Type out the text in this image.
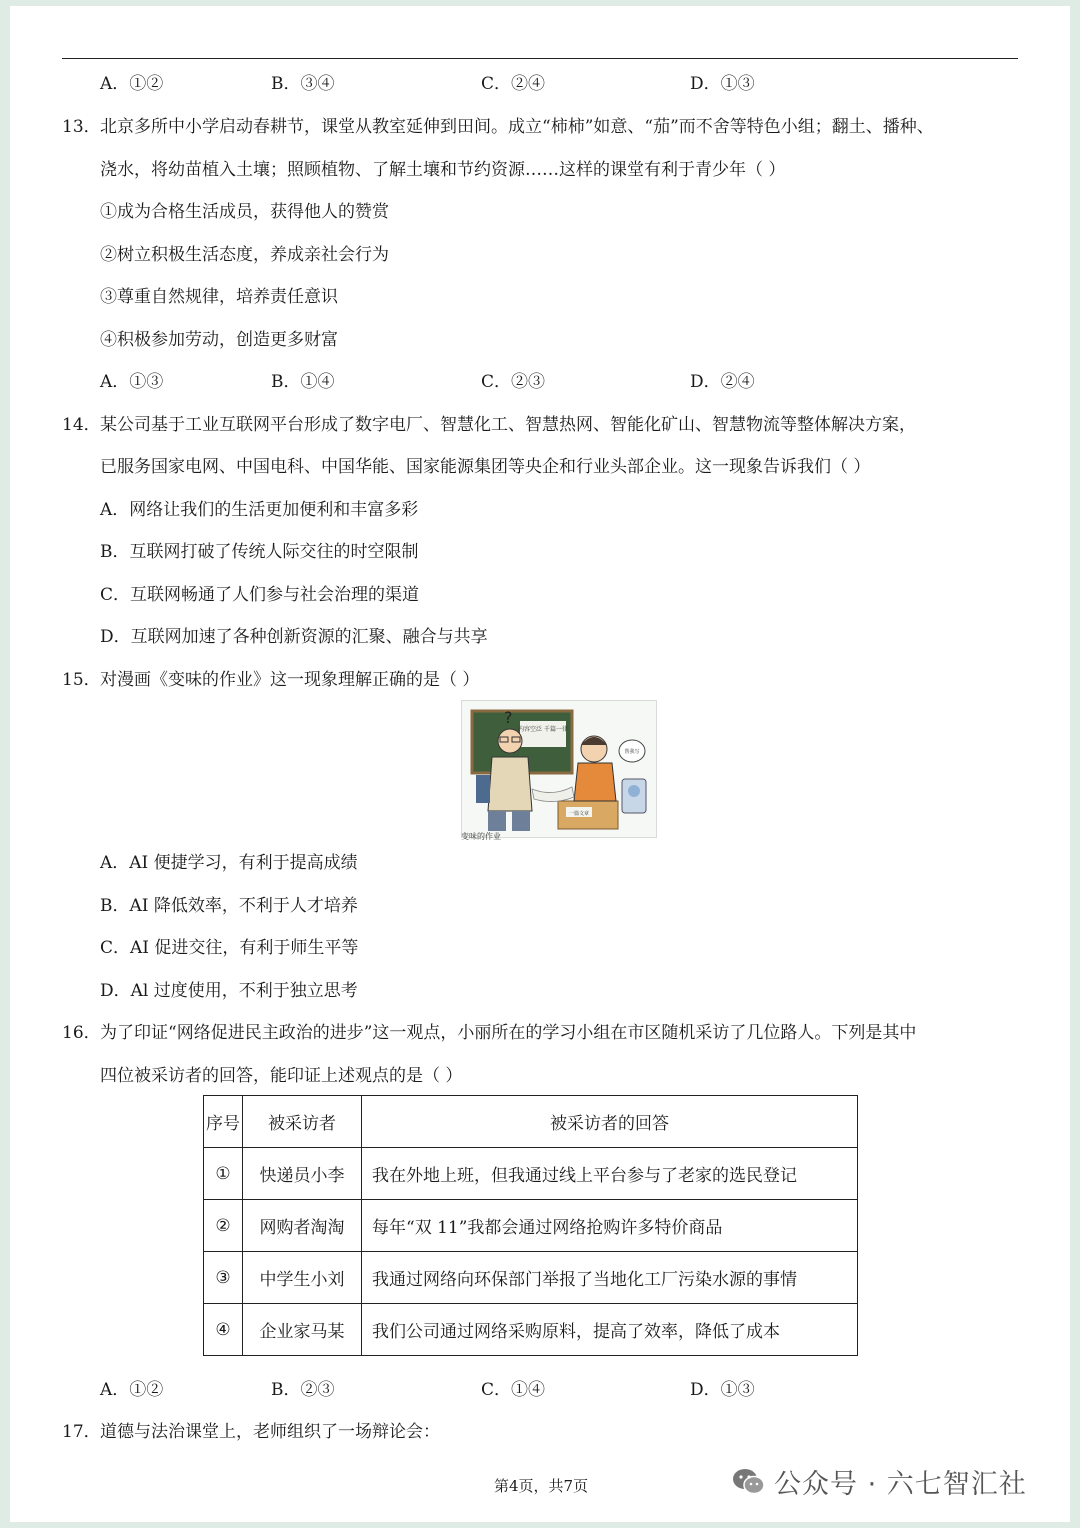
A．①②	B．③④	C．②④	D．①③
13． 北京多所中小学启动春耕节，课堂从教室延伸到田间。成立“柿柿”如意、“茄”而不舍等特色小组；翻土、播种、
浇水，将幼苗植入土壤；照顾植物、了解土壤和节约资源……这样的课堂有利于青少年（ ）
①成为合格生活成员，获得他人的赞赏
②树立积极生活态度，养成亲社会行为
③尊重自然规律，培养责任意识
④积极参加劳动，创造更多财富
A．①③	B．①④	C．②③	D．②④
14． 某公司基于工业互联网平台形成了数字电厂、智慧化工、智慧热网、智能化矿山、智慧物流等整体解决方案，
已服务国家电网、中国电科、中国华能、国家能源集团等央企和行业头部企业。这一现象告诉我们（ ）
A．网络让我们的生活更加便利和丰富多彩
B．互联网打破了传统人际交往的时空限制
C．互联网畅通了人们参与社会治理的渠道
D．互联网加速了各种创新资源的汇聚、融合与共享
15． 对漫画《变味的作业》这一现象理解正确的是（ ）
内容空泛 千篇一律
?
一篇文章
帮我写
变味的作业
A．AI 便捷学习，有利于提高成绩
B．AI 降低效率，不利于人才培养
C．AI 促进交往，有利于师生平等
D．Al 过度使用，不利于独立思考
16． 为了印证“网络促进民主政治的进步”这一观点，小丽所在的学习小组在市区随机采访了几位路人。下列是其中
四位被采访者的回答，能印证上述观点的是（ ）
序号	被采访者	被采访者的回答
①	快递员小李	我在外地上班，但我通过线上平台参与了老家的选民登记
②	网购者淘淘	每年“双 11”我都会通过网络抢购许多特价商品
③	中学生小刘	我通过网络向环保部门举报了当地化工厂污染水源的事情
④	企业家马某	我们公司通过网络采购原料，提高了效率，降低了成本
A．①②	B．②③	C．①④	D．①③
17． 道德与法治课堂上，老师组织了一场辩论会：
第4页，共7页	公众号 · 六七智汇社
